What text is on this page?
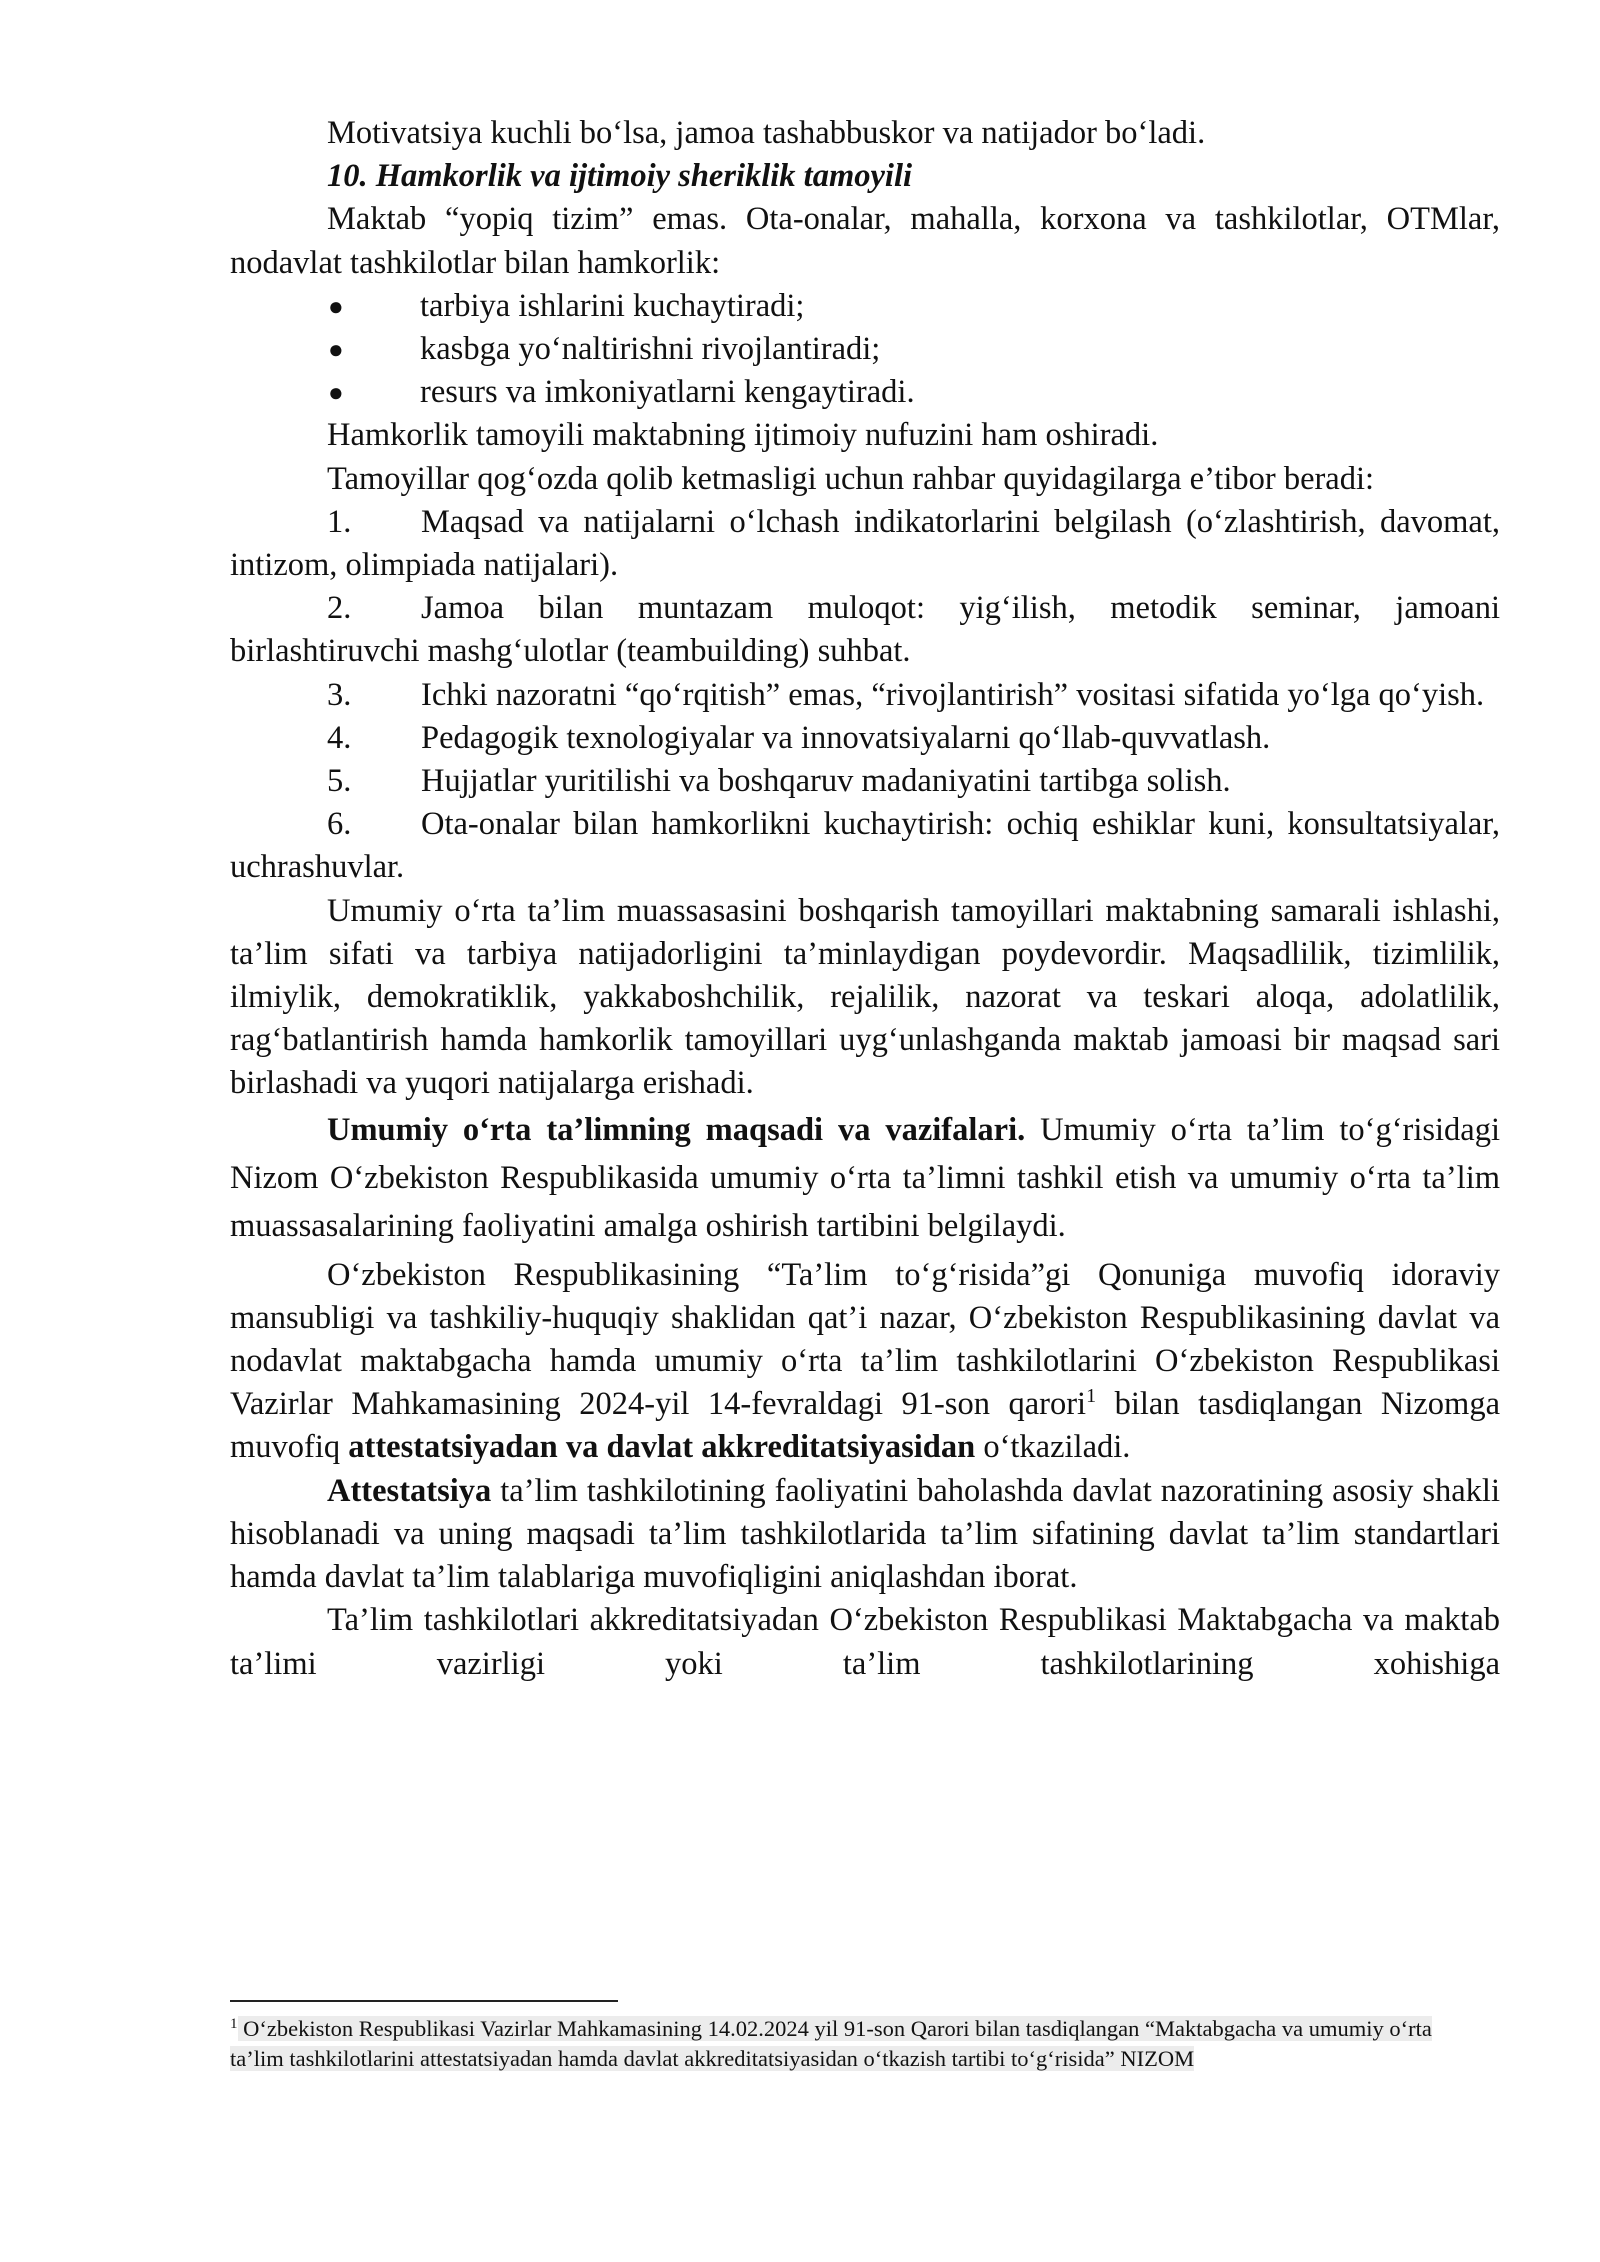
Motivatsiya kuchli bo‘lsa, jamoa tashabbuskor va natijador bo‘ladi.

10. Hamkorlik va ijtimoiy sheriklik tamoyili

Maktab “yopiq tizim” emas. Ota-onalar, mahalla, korxona va tashkilotlar, OTMlar, nodavlat tashkilotlar bilan hamkorlik:

● tarbiya ishlarini kuchaytiradi;
● kasbga yo‘naltirishni rivojlantiradi;
● resurs va imkoniyatlarni kengaytiradi.

Hamkorlik tamoyili maktabning ijtimoiy nufuzini ham oshiradi.

Tamoyillar qog‘ozda qolib ketmasligi uchun rahbar quyidagilarga e’tibor beradi:

1. Maqsad va natijalarni o‘lchash indikatorlarini belgilash (o‘zlashtirish, davomat, intizom, olimpiada natijalari).

2. Jamoa bilan muntazam muloqot: yig‘ilish, metodik seminar, jamoani birlashtiruvchi mashg‘ulotlar (teambuilding) suhbat.

3. Ichki nazoratni “qo‘rqitish” emas, “rivojlantirish” vositasi sifatida yo‘lga qo‘yish.

4. Pedagogik texnologiyalar va innovatsiyalarni qo‘llab-quvvatlash.

5. Hujjatlar yuritilishi va boshqaruv madaniyatini tartibga solish.

6. Ota-onalar bilan hamkorlikni kuchaytirish: ochiq eshiklar kuni, konsultatsiyalar, uchrashuvlar.

Umumiy o‘rta ta’lim muassasasini boshqarish tamoyillari maktabning samarali ishlashi, ta’lim sifati va tarbiya natijadorligini ta’minlaydigan poydevordir. Maqsadlilik, tizimlilik, ilmiylik, demokratiklik, yakkaboshchilik, rejalilik, nazorat va teskari aloqa, adolatlilik, rag‘batlantirish hamda hamkorlik tamoyillari uyg‘unlashganda maktab jamoasi bir maqsad sari birlashadi va yuqori natijalarga erishadi.

Umumiy o‘rta ta’limning maqsadi va vazifalari. Umumiy o‘rta ta’lim to‘g‘risidagi Nizom O‘zbekiston Respublikasida umumiy o‘rta ta’limni tashkil etish va umumiy o‘rta ta’lim muassasalarining faoliyatini amalga oshirish tartibini belgilaydi.

O‘zbekiston Respublikasining “Ta’lim to‘g‘risida”gi Qonuniga muvofiq idoraviy mansubligi va tashkiliy-huquqiy shaklidan qat’i nazar, O‘zbekiston Respublikasining davlat va nodavlat maktabgacha hamda umumiy o‘rta ta’lim tashkilotlarini O‘zbekiston Respublikasi Vazirlar Mahkamasining 2024-yil 14-fevraldagi 91-son qarori$^1$ bilan tasdiqlangan Nizomga muvofiq attestatsiyadan va davlat akkreditatsiyasidan o‘tkaziladi.

Attestatsiya ta’lim tashkilotining faoliyatini baholashda davlat nazoratining asosiy shakli hisoblanadi va uning maqsadi ta’lim tashkilotlarida ta’lim sifatining davlat ta’lim standartlari hamda davlat ta’lim talablariga muvofiqligini aniqlashdan iborat.

Ta’lim tashkilotlari akkreditatsiyadan O‘zbekiston Respublikasi Maktabgacha va maktab ta’limi vazirligi yoki ta’lim tashkilotlarining xohishiga

$^1$ O‘zbekiston Respublikasi Vazirlar Mahkamasining 14.02.2024 yil 91-son Qarori bilan tasdiqlangan “Maktabgacha va umumiy o‘rta ta’lim tashkilotlarini attestatsiyadan hamda davlat akkreditatsiyasidan o‘tkazish tartibi to‘g‘risida” NIZOM
